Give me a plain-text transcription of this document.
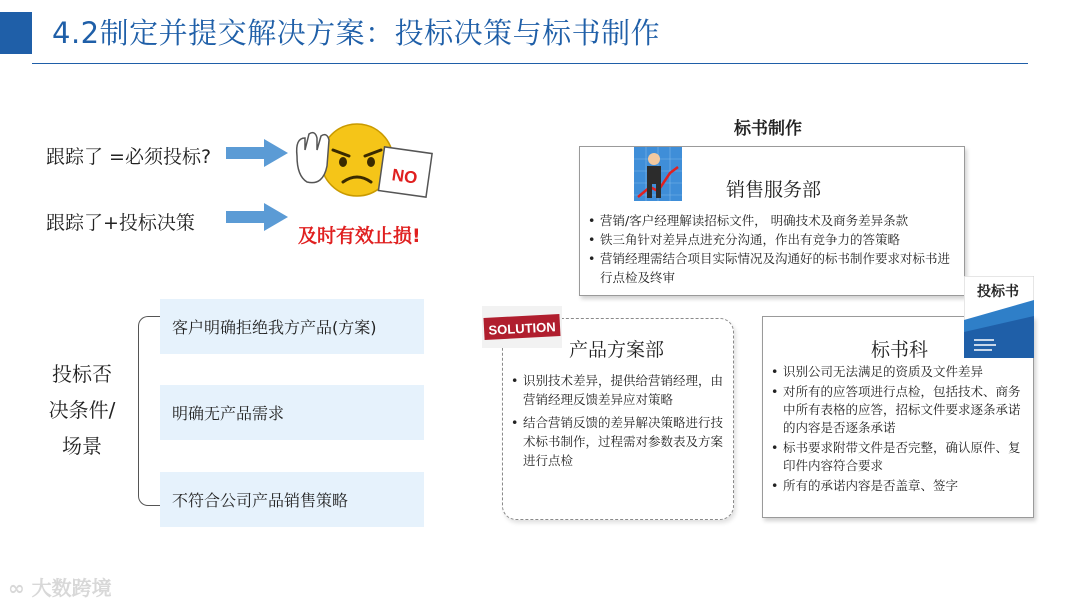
4.2制定并提交解决方案：投标决策与标书制作
跟踪了 =必须投标?
跟踪了+投标决策
NO
及时有效止损!
投标否
决条件/
场景
客户明确拒绝我方产品(方案)
明确无产品需求
不符合公司产品销售策略
标书制作
销售服务部
• 营销/客户经理解读招标文件， 明确技术及商务差异条款
• 铁三角针对差异点进充分沟通，作出有竞争力的答策略
• 营销经理需结合项目实际情况及沟通好的标书制作要求对标书进行点检及终审
产品方案部
• 识别技术差异，提供给营销经理，由营销经理反馈差异应对策略
• 结合营销反馈的差异解决策略进行技术标书制作，过程需对参数表及方案进行点检
SOLUTION
标书科
• 识别公司无法满足的资质及文件差异
• 对所有的应答项进行点检，包括技术、商务中所有表格的应答，招标文件要求逐条承诺的内容是否逐条承诺
• 标书要求附带文件是否完整，确认原件、复印件内容符合要求
• 所有的承诺内容是否盖章、签字
投标书
∞ 大数跨境
